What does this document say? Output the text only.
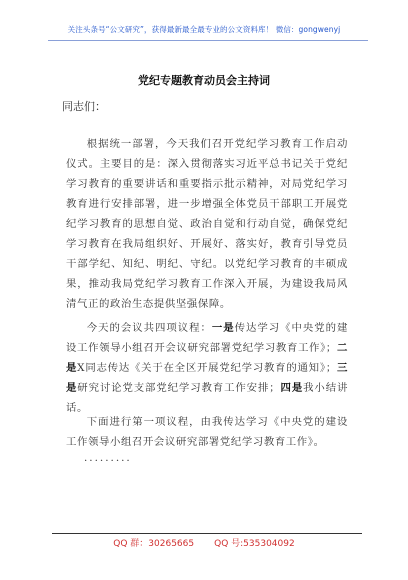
关注头条号“公文研究”，获得最新最全最专业的公文资料库！ 微信：gongwenyj
党纪专题教育动员会主持词
同志们：

根据统一部署，今天我们召开党纪学习教育工作启动仪式。主要目的是：深入贯彻落实习近平总书记关于党纪学习教育的重要讲话和重要指示批示精神，对局党纪学习教育进行安排部署，进一步增强全体党员干部职工开展党纪学习教育的思想自觉、政治自觉和行动自觉，确保党纪学习教育在我局组织好、开展好、落实好，教育引导党员干部学纪、知纪、明纪、守纪。以党纪学习教育的丰硕成果，推动我局党纪学习教育工作深入开展，为建设我局风清气正的政治生态提供坚强保障。

今天的会议共四项议程：一是传达学习《中央党的建设工作领导小组召开会议研究部署党纪学习教育工作》；二是X同志传达《关于在全区开展党纪学习教育的通知》；三是研究讨论党支部党纪学习教育工作安排；四是我小结讲话。

下面进行第一项议程，由我传达学习《中央党的建设工作领导小组召开会议研究部署党纪学习教育工作》。

.........

QQ 群：30265665 QQ 号:535304092
